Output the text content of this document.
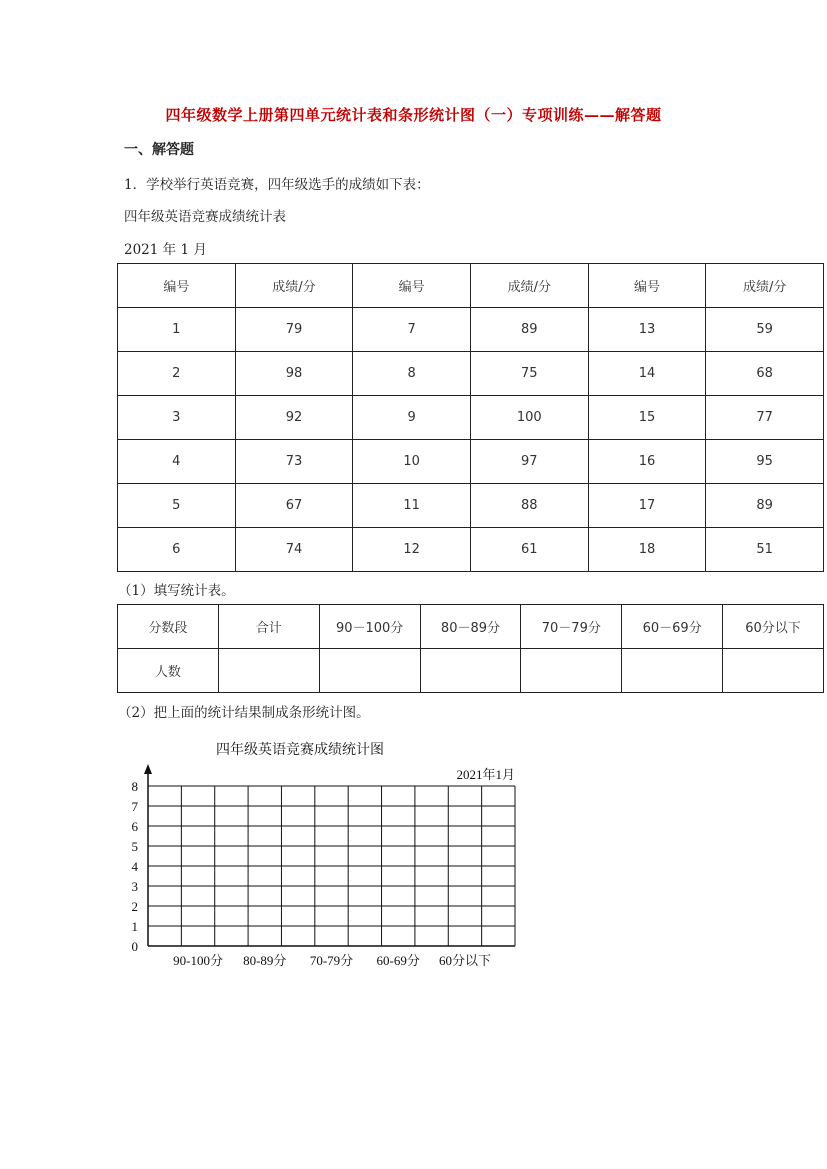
四年级数学上册第四单元统计表和条形统计图（一）专项训练——解答题
一、解答题
1．学校举行英语竞赛，四年级选手的成绩如下表：
四年级英语竞赛成绩统计表
2021 年 1 月
编号	成绩/分	编号	成绩/分	编号	成绩/分
1	79	7	89	13	59
2	98	8	75	14	68
3	92	9	100	15	77
4	73	10	97	16	95
5	67	11	88	17	89
6	74	12	61	18	51
（1）填写统计表。
分数段	合计	90－100分	80－89分	70－79分	60－69分	60分以下
人数						
（2）把上面的统计结果制成条形统计图。
四年级英语竞赛成绩统计图
2021年1月
0
1
2
3
4
5
6
7
8
90-100分 80-89分 70-79分 60-69分 60分以下
